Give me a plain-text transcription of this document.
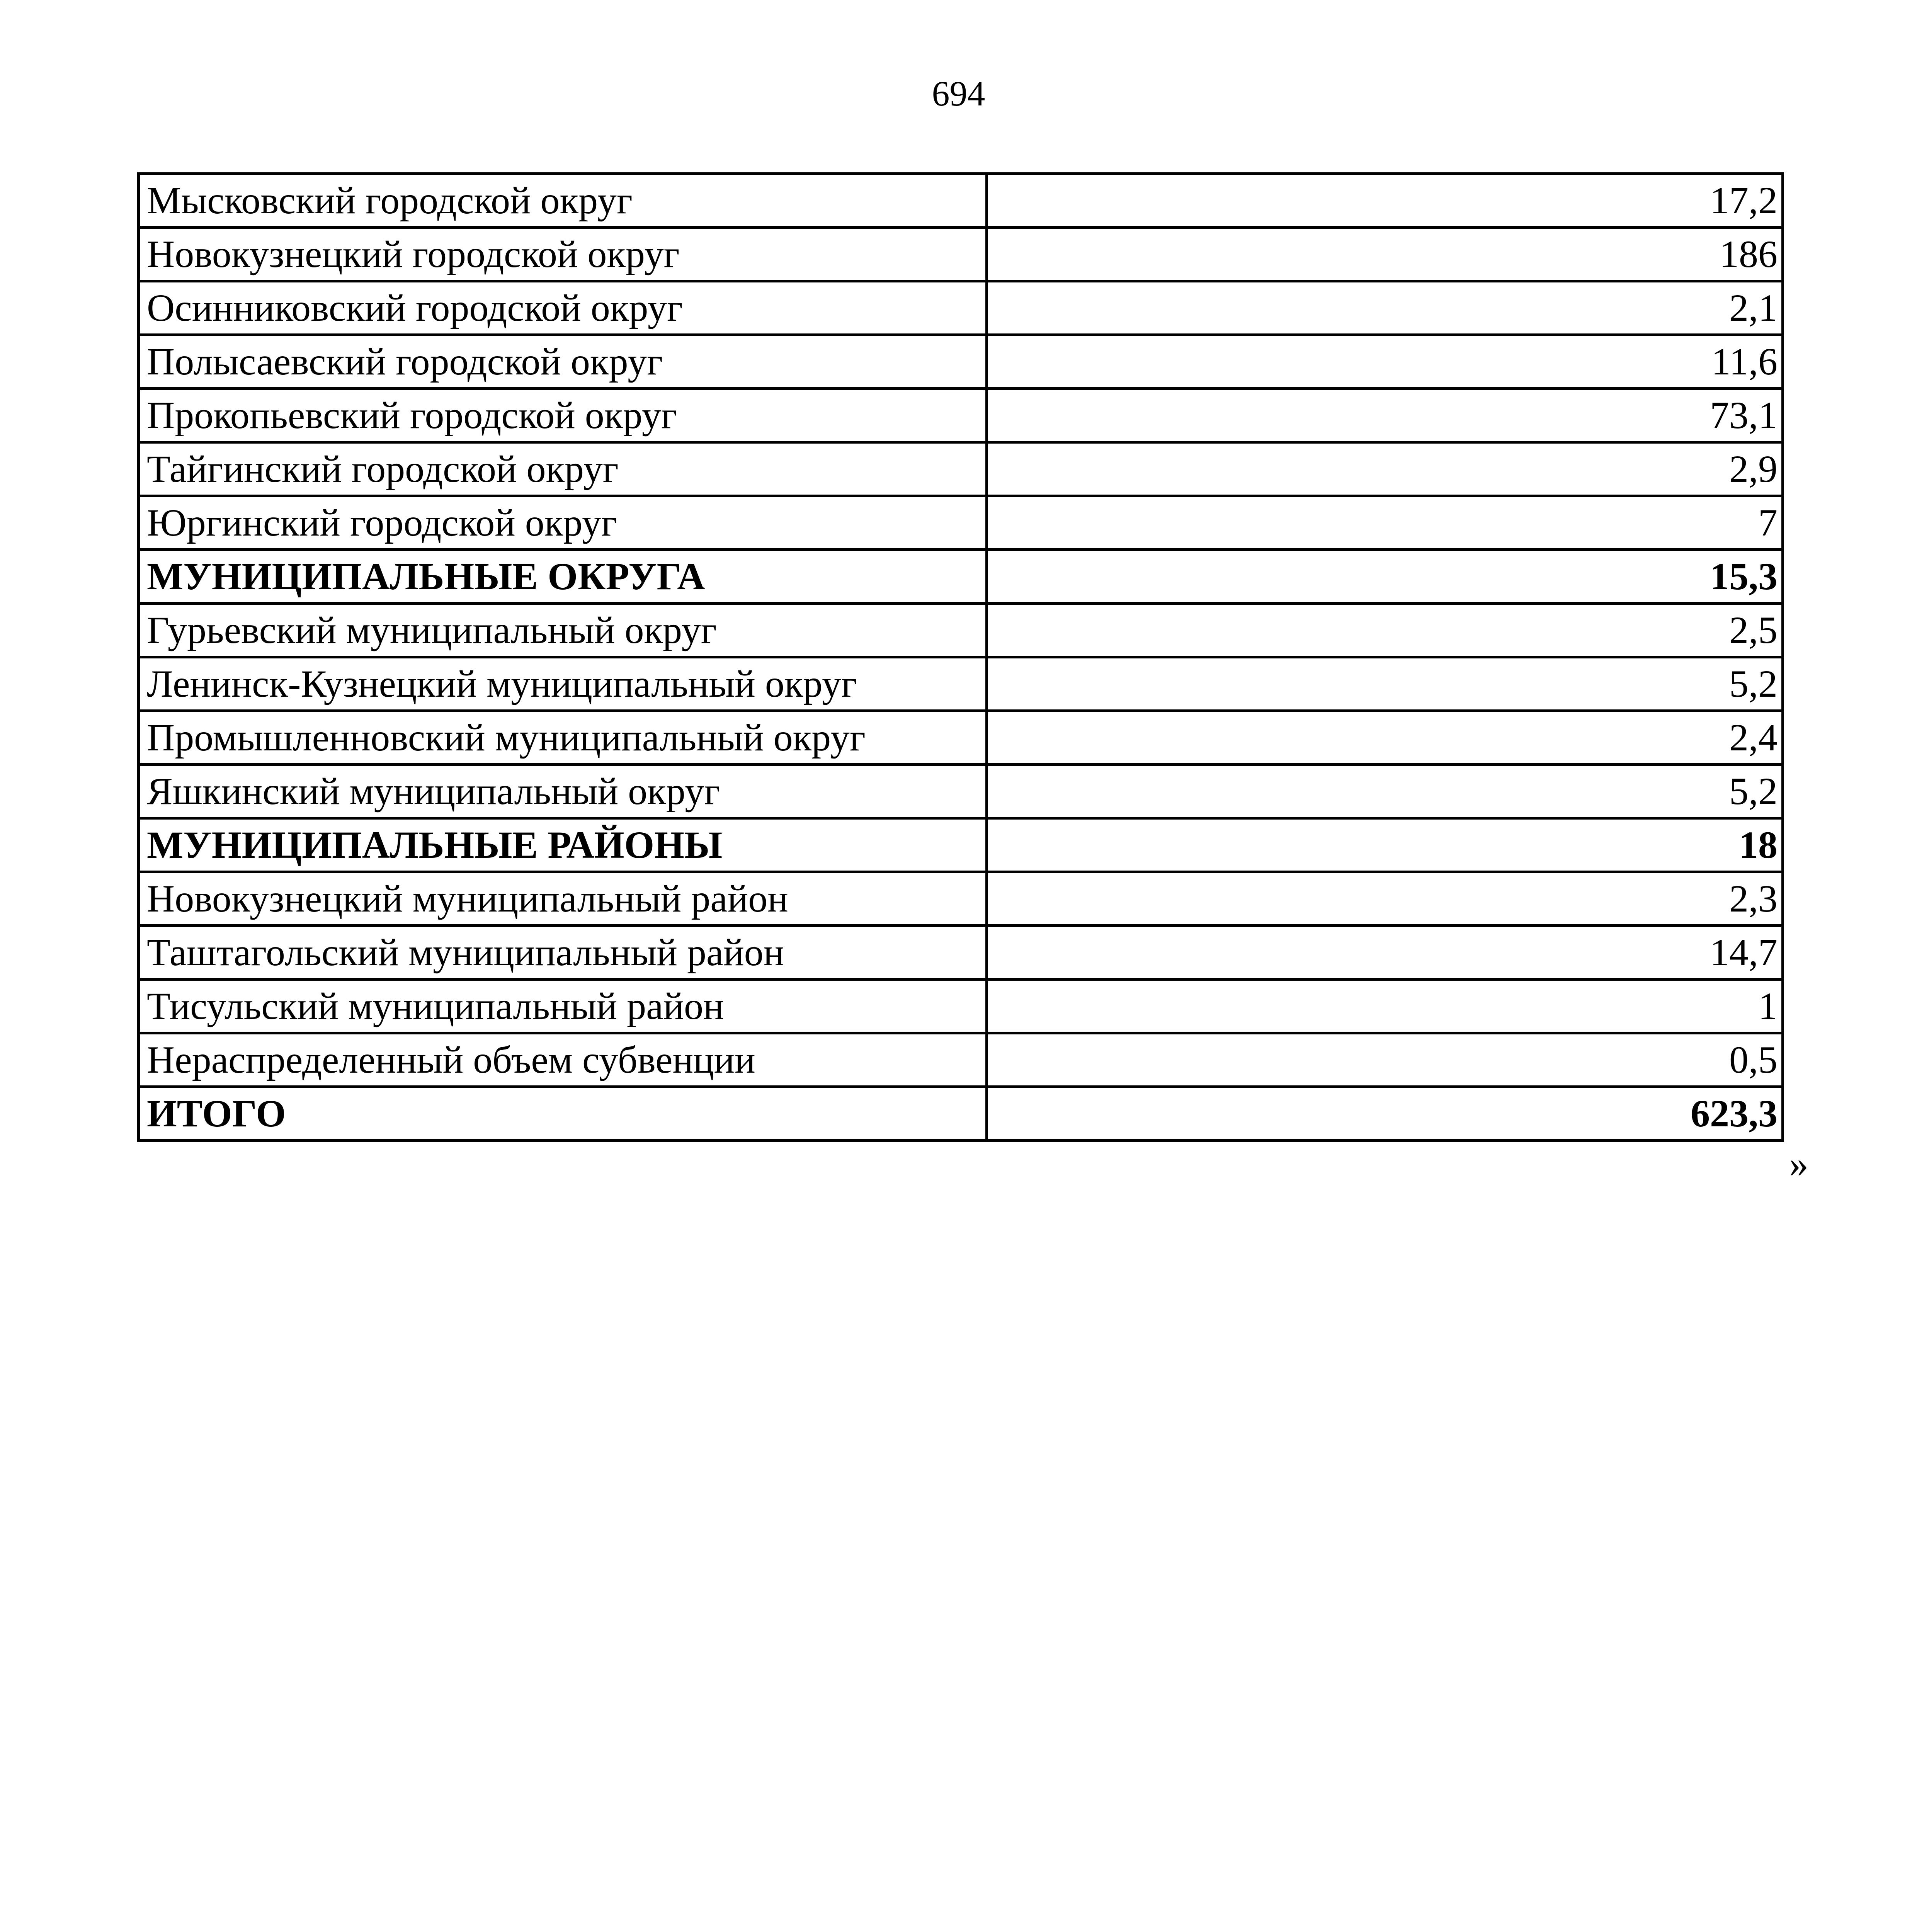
694
Мысковский городской округ	17,2
Новокузнецкий городской округ	186
Осинниковский городской округ	2,1
Полысаевский городской округ	11,6
Прокопьевский городской округ	73,1
Тайгинский городской округ	2,9
Юргинский городской округ	7
МУНИЦИПАЛЬНЫЕ ОКРУГА	15,3
Гурьевский муниципальный округ	2,5
Ленинск-Кузнецкий муниципальный округ	5,2
Промышленновский муниципальный округ	2,4
Яшкинский муниципальный округ	5,2
МУНИЦИПАЛЬНЫЕ РАЙОНЫ	18
Новокузнецкий муниципальный район	2,3
Таштагольский муниципальный район	14,7
Тисульский муниципальный район	1
Нераспределенный объем субвенции	0,5
ИТОГО	623,3
»
